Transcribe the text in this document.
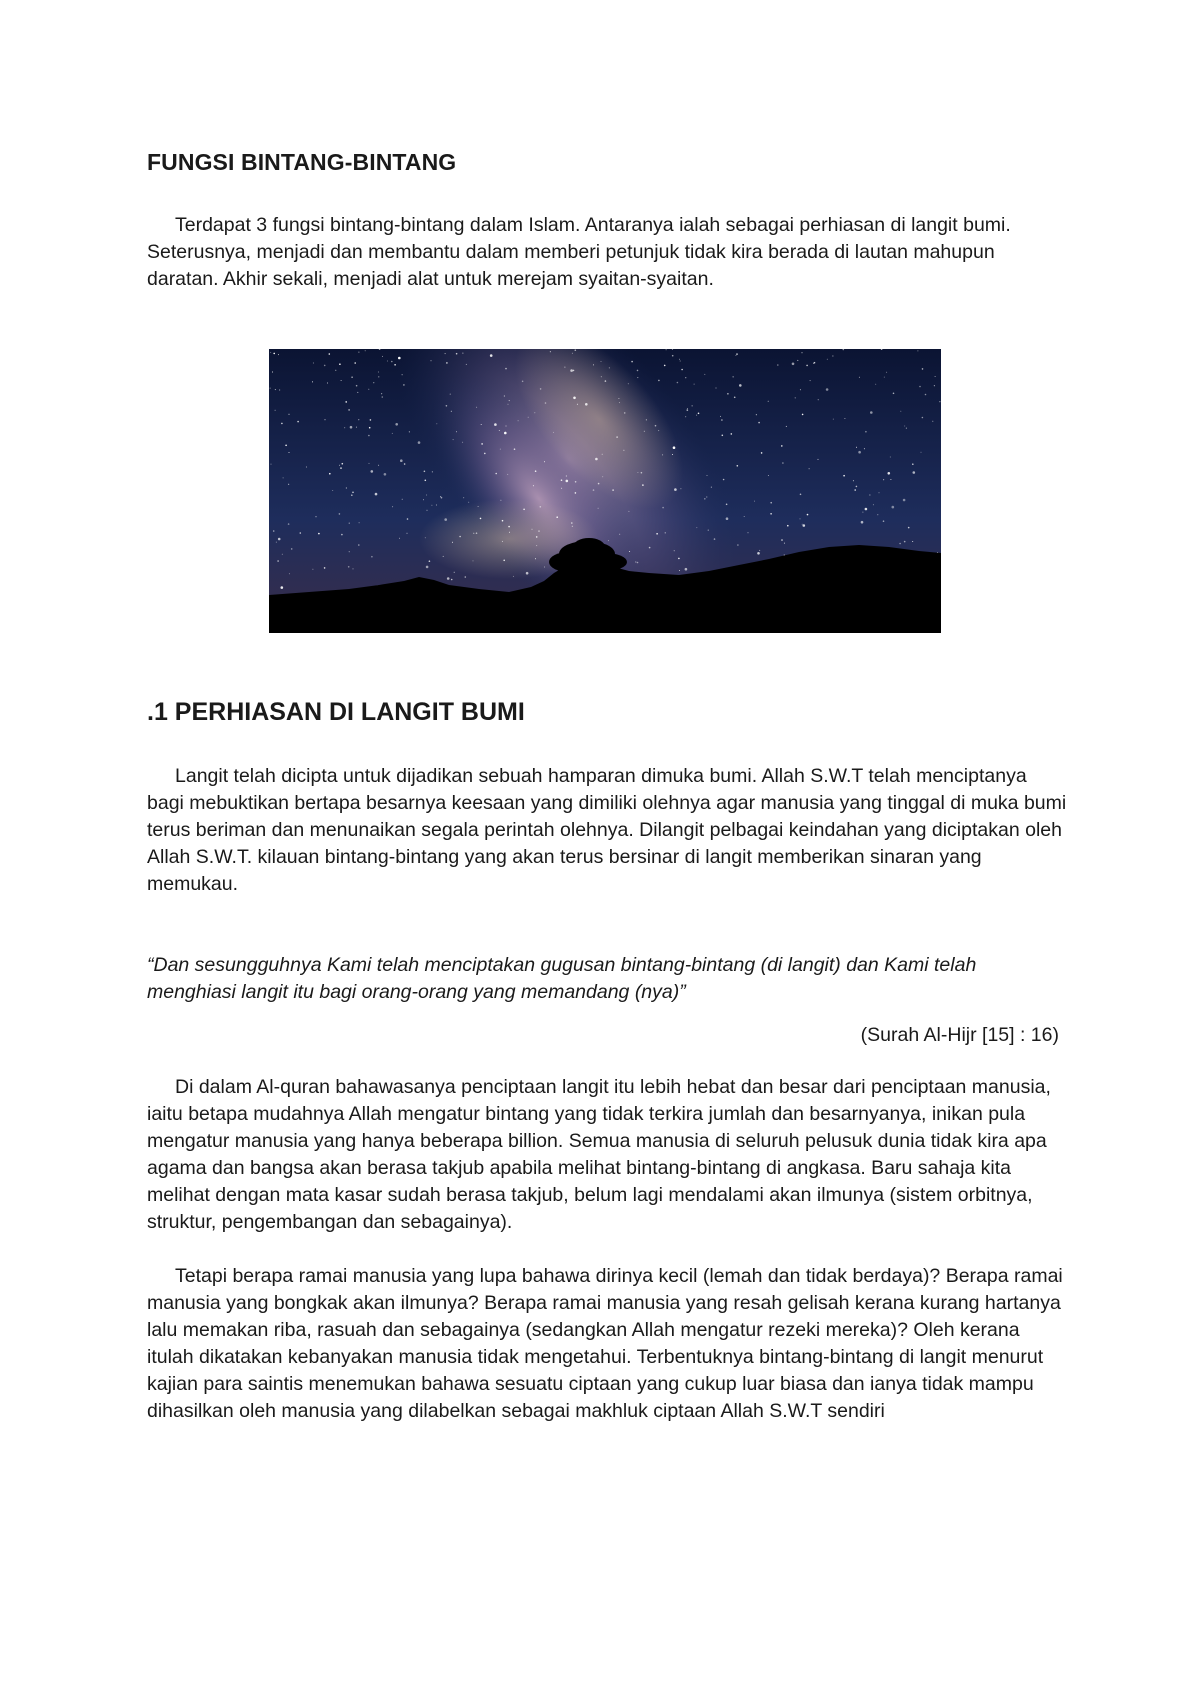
FUNGSI BINTANG-BINTANG

Terdapat 3 fungsi bintang-bintang dalam Islam. Antaranya ialah sebagai perhiasan di langit bumi. Seterusnya, menjadi dan membantu dalam memberi petunjuk tidak kira berada di lautan mahupun daratan. Akhir sekali, menjadi alat untuk merejam syaitan-syaitan.

.1 PERHIASAN DI LANGIT BUMI

Langit telah dicipta untuk dijadikan sebuah hamparan dimuka bumi. Allah S.W.T telah menciptanya bagi mebuktikan bertapa besarnya keesaan yang dimiliki olehnya agar manusia yang tinggal di muka bumi terus beriman dan menunaikan segala perintah olehnya. Dilangit pelbagai keindahan yang diciptakan oleh Allah S.W.T. kilauan bintang-bintang yang akan terus bersinar di langit memberikan sinaran yang memukau.

“Dan sesungguhnya Kami telah menciptakan gugusan bintang-bintang (di langit) dan Kami telah menghiasi langit itu bagi orang-orang yang memandang (nya)”

(Surah Al-Hijr [15] : 16)

Di dalam Al-quran bahawasanya penciptaan langit itu lebih hebat dan besar dari penciptaan manusia, iaitu betapa mudahnya Allah mengatur bintang yang tidak terkira jumlah dan besarnyanya, inikan pula mengatur manusia yang hanya beberapa billion. Semua manusia di seluruh pelusuk dunia tidak kira apa agama dan bangsa akan berasa takjub apabila melihat bintang-bintang di angkasa. Baru sahaja kita melihat dengan mata kasar sudah berasa takjub, belum lagi mendalami akan ilmunya (sistem orbitnya, struktur, pengembangan dan sebagainya).

Tetapi berapa ramai manusia yang lupa bahawa dirinya kecil (lemah dan tidak berdaya)? Berapa ramai manusia yang bongkak akan ilmunya? Berapa ramai manusia yang resah gelisah kerana kurang hartanya lalu memakan riba, rasuah dan sebagainya (sedangkan Allah mengatur rezeki mereka)? Oleh kerana itulah dikatakan kebanyakan manusia tidak mengetahui. Terbentuknya bintang-bintang di langit menurut kajian para saintis menemukan bahawa sesuatu ciptaan yang cukup luar biasa dan ianya tidak mampu dihasilkan oleh manusia yang dilabelkan sebagai makhluk ciptaan Allah S.W.T sendiri
